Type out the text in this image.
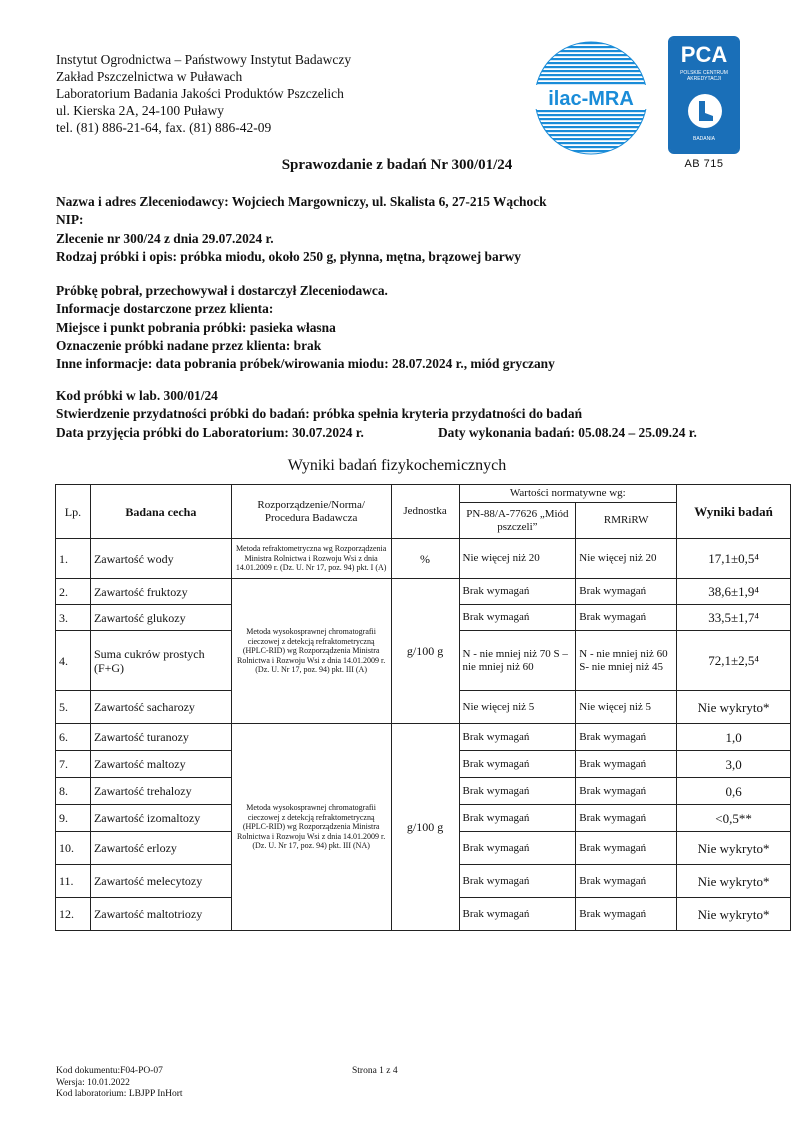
Instytut Ogrodnictwa – Państwowy Instytut Badawczy
Zakład Pszczelnictwa w Puławach
Laboratorium Badania Jakości Produktów Pszczelich
ul. Kierska 2A, 24-100 Puławy
tel. (81) 886-21-64, fax. (81) 886-42-09
ilac-MRA
PCA
POLSKIE CENTRUM
AKREDYTACJI
BADANIA
AB 715
Sprawozdanie z badań Nr 300/01/24
Nazwa i adres Zleceniodawcy: Wojciech Margowniczy, ul. Skalista 6, 27-215 Wąchock
NIP:
Zlecenie nr 300/24 z dnia 29.07.2024 r.
Rodzaj próbki i opis: próbka miodu, około 250 g, płynna, mętna, brązowej barwy
Próbkę pobrał, przechowywał i dostarczył Zleceniodawca.
Informacje dostarczone przez klienta:
Miejsce i punkt pobrania próbki: pasieka własna
Oznaczenie próbki nadane przez klienta: brak
Inne informacje: data pobrania próbek/wirowania miodu: 28.07.2024 r., miód gryczany
Kod próbki w lab. 300/01/24
Stwierdzenie przydatności próbki do badań: próbka spełnia kryteria przydatności do badań
Data przyjęcia próbki do Laboratorium: 30.07.2024 r.	Daty wykonania badań: 05.08.24 – 25.09.24 r.
Wyniki badań fizykochemicznych
Lp.	Badana cecha	Rozporządzenie/Norma/ Procedura Badawcza	Jednostka	Wartości normatywne wg:		Wyniki badań
				PN-88/A-77626 „Miód pszczeli”	RMRiRW	
1.	Zawartość wody	Metoda refraktometryczna wg Rozporządzenia Ministra Rolnictwa i Rozwoju Wsi z dnia 14.01.2009 r. (Dz. U. Nr 17, poz. 94) pkt. I (A)	%	Nie więcej niż 20	Nie więcej niż 20	17,1±0,5⁴
2.	Zawartość fruktozy	Metoda wysokosprawnej chromatografii cieczowej z detekcją refraktometryczną (HPLC-RID) wg Rozporządzenia Ministra Rolnictwa i Rozwoju Wsi z dnia 14.01.2009 r. (Dz. U. Nr 17, poz. 94) pkt. III (A)	g/100 g	Brak wymagań	Brak wymagań	38,6±1,9⁴
3.	Zawartość glukozy			Brak wymagań	Brak wymagań	33,5±1,7⁴
4.	Suma cukrów prostych (F+G)			N - nie mniej niż 70 S – nie mniej niż 60	N - nie mniej niż 60 S- nie mniej niż 45	72,1±2,5⁴
5.	Zawartość sacharozy			Nie więcej niż 5	Nie więcej niż 5	Nie wykryto*
6.	Zawartość turanozy	Metoda wysokosprawnej chromatografii cieczowej z detekcją refraktometryczną (HPLC-RID) wg Rozporządzenia Ministra Rolnictwa i Rozwoju Wsi z dnia 14.01.2009 r. (Dz. U. Nr 17, poz. 94) pkt. III (NA)	g/100 g	Brak wymagań	Brak wymagań	1,0
7.	Zawartość maltozy			Brak wymagań	Brak wymagań	3,0
8.	Zawartość trehalozy			Brak wymagań	Brak wymagań	0,6
9.	Zawartość izomaltozy			Brak wymagań	Brak wymagań	<0,5**
10.	Zawartość erlozy			Brak wymagań	Brak wymagań	Nie wykryto*
11.	Zawartość melecytozy			Brak wymagań	Brak wymagań	Nie wykryto*
12.	Zawartość maltotriozy			Brak wymagań	Brak wymagań	Nie wykryto*
Kod dokumentu:F04-PO-07
Wersja: 10.01.2022
Kod laboratorium: LBJPP InHort
Strona 1 z 4
